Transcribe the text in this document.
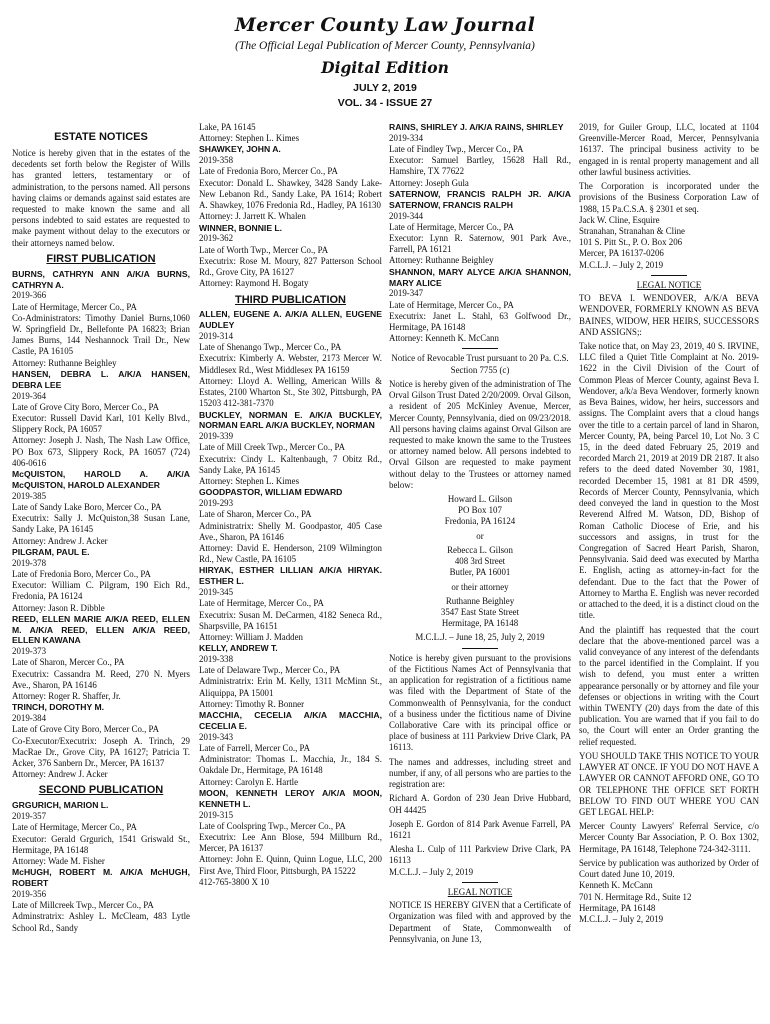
Mercer County Law Journal
(The Official Legal Publication of Mercer County, Pennsylvania)
Digital Edition
JULY 2, 2019
VOL. 34 - ISSUE 27
ESTATE NOTICES

Notice is hereby given that in the estates of the decedents set forth below the Register of Wills has granted letters, testamentary or of administration, to the persons named. All persons having claims or demands against said estates are requested to make known the same and all persons indebted to said estates are requested to make payment without delay to the executors or their attorneys named below.

FIRST PUBLICATION
BURNS, CATHRYN ANN A/K/A BURNS, CATHRYN A.
2019-366
Late of Hermitage, Mercer Co., PA
Co-Administrators: Timothy Daniel Burns,1060 W. Springfield Dr., Bellefonte PA 16823; Brian James Burns, 144 Neshannock Trail Dr., New Castle, PA 16105
Attorney: Ruthanne Beighley
HANSEN, DEBRA L. A/K/A HANSEN, DEBRA LEE
2019-364
Late of Grove City Boro, Mercer Co., PA
Executor: Russell David Karl, 101 Kelly Blvd., Slippery Rock, PA 16057
Attorney: Joseph J. Nash, The Nash Law Office, PO Box 673, Slippery Rock, PA 16057 (724) 406-0616
McQUISTON, HAROLD A. A/K/A McQUISTON, HAROLD ALEXANDER
2019-385
Late of Sandy Lake Boro, Mercer Co., PA
Executrix: Sally J. McQuiston,38 Susan Lane, Sandy Lake, PA 16145
Attorney: Andrew J. Acker
PILGRAM, PAUL E.
2019-378
Late of Fredonia Boro, Mercer Co., PA
Executor: William C. Pilgram, 190 Eich Rd., Fredonia, PA 16124
Attorney: Jason R. Dibble
REED, ELLEN MARIE A/K/A REED, ELLEN M. A/K/A REED, ELLEN A/K/A REED, ELLEN KAWANA
2019-373
Late of Sharon, Mercer Co., PA
Executrix: Cassandra M. Reed, 270 N. Myers Ave., Sharon, PA 16146
Attorney: Roger R. Shaffer, Jr.
TRINCH, DOROTHY M.
2019-384
Late of Grove City Boro, Mercer Co., PA
Co-Executor/Executrix: Joseph A. Trinch, 29 MacRae Dr., Grove City, PA 16127; Patricia T. Acker, 376 Sanbern Dr., Mercer, PA 16137
Attorney: Andrew J. Acker
SECOND PUBLICATION
GRGURICH, MARION L.
2019-357
Late of Hermitage, Mercer Co., PA
Executor: Gerald Grgurich, 1541 Griswald St., Hermitage, PA 16148
Attorney: Wade M. Fisher
McHUGH, ROBERT M. A/K/A McHUGH, ROBERT
2019-356
Late of Millcreek Twp., Mercer Co., PA
Adminstratrix: Ashley L. McCleam, 483 Lytle School Rd., Sandy
Lake, PA 16145
Attorney: Stephen L. Kimes
SHAWKEY, JOHN A.
2019-358
Late of Fredonia Boro, Mercer Co., PA
Executor: Donald L. Shawkey, 3428 Sandy Lake-New Lebanon Rd., Sandy Lake, PA 1614; Robert A. Shawkey, 1076 Fredonia Rd., Hadley, PA 16130
Attorney: J. Jarrett K. Whalen
WINNER, BONNIE L.
2019-362
Late of Worth Twp., Mercer Co., PA
Executrix: Rose M. Moury, 827 Patterson School Rd., Grove City, PA 16127
Attorney: Raymond H. Bogaty
THIRD PUBLICATION
ALLEN, EUGENE A. A/K/A ALLEN, EUGENE AUDLEY
2019-314
Late of Shenango Twp., Mercer Co., PA
Executrix: Kimberly A. Webster, 2173 Mercer W. Middlesex Rd., West Middlesex PA 16159
Attorney: Lloyd A. Welling, American Wills & Estates, 2100 Wharton St., Ste 302, Pittsburgh, PA 15203 412-381-7370
BUCKLEY, NORMAN E. A/K/A BUCKLEY, NORMAN EARL A/K/A BUCKLEY, NORMAN
2019-339
Late of Mill Creek Twp., Mercer Co., PA
Executrix: Cindy L. Kaltenbaugh, 7 Obitz Rd., Sandy Lake, PA 16145
Attorney: Stephen L. Kimes
GOODPASTOR, WILLIAM EDWARD
2019-293
Late of Sharon, Mercer Co., PA
Administratrix: Shelly M. Goodpastor, 405 Case Ave., Sharon, PA 16146
Attorney: David E. Henderson, 2109 Wilmington Rd., New Castle, PA 16105
HIRYAK, ESTHER LILLIAN A/K/A HIRYAK. ESTHER L.
2019-345
Late of Hermitage, Mercer Co., PA
Executrix: Susan M. DeCarmen, 4182 Seneca Rd., Sharpsville, PA 16151
Attorney: William J. Madden
KELLY, ANDREW T.
2019-338
Late of Delaware Twp., Mercer Co., PA
Administratrix: Erin M. Kelly, 1311 McMinn St., Aliquippa, PA 15001
Attorney: Timothy R. Bonner
MACCHIA, CECELIA A/K/A MACCHIA, CECELIA E.
2019-343
Late of Farrell, Mercer Co., PA
Administrator: Thomas L. Macchia, Jr., 184 S. Oakdale Dr., Hermitage, PA 16148
Attorney: Carolyn E. Hartle
MOON, KENNETH LEROY A/K/A MOON, KENNETH L.
2019-315
Late of Coolspring Twp., Mercer Co., PA
Executrix: Lee Ann Blose, 594 Millburn Rd., Mercer, PA 16137
Attorney: John E. Quinn, Quinn Logue, LLC, 200 First Ave, Third Floor, Pittsburgh, PA 15222
412-765-3800 X 10
RAINS, SHIRLEY J. A/K/A RAINS, SHIRLEY
2019-334
Late of Findley Twp., Mercer Co., PA
Executor: Samuel Bartley, 15628 Hall Rd., Hamshire, TX 77622
Attorney: Joseph Gula
SATERNOW, FRANCIS RALPH JR. A/K/A SATERNOW, FRANCIS RALPH
2019-344
Late of Hermitage, Mercer Co., PA
Executor: Lynn R. Saternow, 901 Park Ave., Farrell, PA 16121
Attorney: Ruthanne Beighley
SHANNON, MARY ALYCE A/K/A SHANNON, MARY ALICE
2019-347
Late of Hermitage, Mercer Co., PA
Executrix: Janet L. Stahl, 63 Golfwood Dr., Hermitage, PA 16148
Attorney: Kenneth K. McCann
Notice of Revocable Trust pursuant to 20 Pa. C.S. Section 7755 (c)

Notice is hereby given of the administration of The Orval Gilson Trust Dated 2/20/2009. Orval Gilson, a resident of 205 McKinley Avenue, Mercer, Mercer County, Pennsylvania, died on 09/23/2018. All persons having claims against Orval Gilson are requested to make known the same to the Trustees or attorney named below. All persons indebted to Orval Gilson are requested to make payment without delay to the Trustees or attorney named below:

Howard L. Gilson
PO Box 107
Fredonia, PA 16124
or
Rebecca L. Gilson
408 3rd Street
Butler, PA 16001
or their attorney
Ruthanne Beighley
3547 East State Street
Hermitage, PA 16148
M.C.L.J. – June 18, 25, July 2, 2019

Notice is hereby given pursuant to the provisions of the Fictitious Names Act of Pennsylvania that an application for registration of a fictitious name was filed with the Department of State of the Commonwealth of Pennsylvania, for the conduct of a business under the fictitious name of Divine Collaborative Care with its principal office or place of business at 111 Parkview Drive Clark, PA 16113.

The names and addresses, including street and number, if any, of all persons who are parties to the registration are:

Richard A. Gordon of 230 Jean Drive Hubbard, OH 44425

Joseph E. Gordon of 814 Park Avenue Farrell, PA 16121

Alesha L. Culp of 111 Parkview Drive Clark, PA 16113

M.C.L.J. – July 2, 2019
LEGAL NOTICE

NOTICE IS HEREBY GIVEN that a Certificate of Organization was filed with and approved by the Department of State, Commonwealth of Pennsylvania, on June 13,

2019, for Guiler Group, LLC, located at 1104 Greenville-Mercer Road, Mercer, Pennsylvania 16137. The principal business activity to be engaged in is rental property management and all other lawful business activities.

The Corporation is incorporated under the provisions of the Business Corporation Law of 1988, 15 Pa.C.S.A. § 2301 et seq.

Jack W. Cline, Esquire
Stranahan, Stranahan & Cline
101 S. Pitt St., P. O. Box 206
Mercer, PA 16137-0206
M.C.L.J. – July 2, 2019
LEGAL NOTICE

TO BEVA I. WENDOVER, A/K/A BEVA WENDOVER, FORMERLY KNOWN AS BEVA BAINES, WIDOW, HER HEIRS, SUCCESSORS AND ASSIGNS;:

Take notice that, on May 23, 2019, 40 S. IRVINE, LLC filed a Quiet Title Complaint at No. 2019-1622 in the Civil Division of the Court of Common Pleas of Mercer County, against Beva I. Wendover, a/k/a Beva Wendover, formerly known as Beva Baines, widow, her heirs, successors and assigns. The Complaint avers that a cloud hangs over the title to a certain parcel of land in Sharon, Mercer County, PA, being Parcel 10, Lot No. 3 C 15, in the deed dated February 25, 2019 and recorded March 21, 2019 at 2019 DR 2187. It also refers to the deed dated November 30, 1981, recorded December 15, 1981 at 81 DR 4599, Records of Mercer County, Pennsylvania, which deed conveyed the land in question to the Most Reverend Alfred M. Watson, DD, Bishop of Roman Catholic Diocese of Erie, and his successors and assigns, in trust for the Congregation of Sacred Heart Parish, Sharon, Pennsylvania. Said deed was executed by Martha E. English, acting as attorney-in-fact for the defendant. Due to the fact that the Power of Attorney to Martha E. English was never recorded or attached to the deed, it is a distinct cloud on the title.

And the plaintiff has requested that the court declare that the above-mentioned parcel was a valid conveyance of any interest of the defendants to the parcel identified in the Complaint. If you wish to defend, you must enter a written appearance personally or by attorney and file your defenses or objections in writing with the Court within TWENTY (20) days from the date of this publication. You are warned that if you fail to do so, the Court will enter an Order granting the relief requested.

YOU SHOULD TAKE THIS NOTICE TO YOUR LAWYER AT ONCE. IF YOU DO NOT HAVE A LAWYER OR CANNOT AFFORD ONE, GO TO OR TELEPHONE THE OFFICE SET FORTH BELOW TO FIND OUT WHERE YOU CAN GET LEGAL HELP:

Mercer County Lawyers' Referral Service, c/o Mercer County Bar Association, P. O. Box 1302, Hermitage, PA 16148, Telephone 724-342-3111.

Service by publication was authorized by Order of Court dated June 10, 2019.

Kenneth K. McCann
701 N. Hermitage Rd., Suite 12
Hermitage, PA 16148
M.C.L.J. – July 2, 2019
